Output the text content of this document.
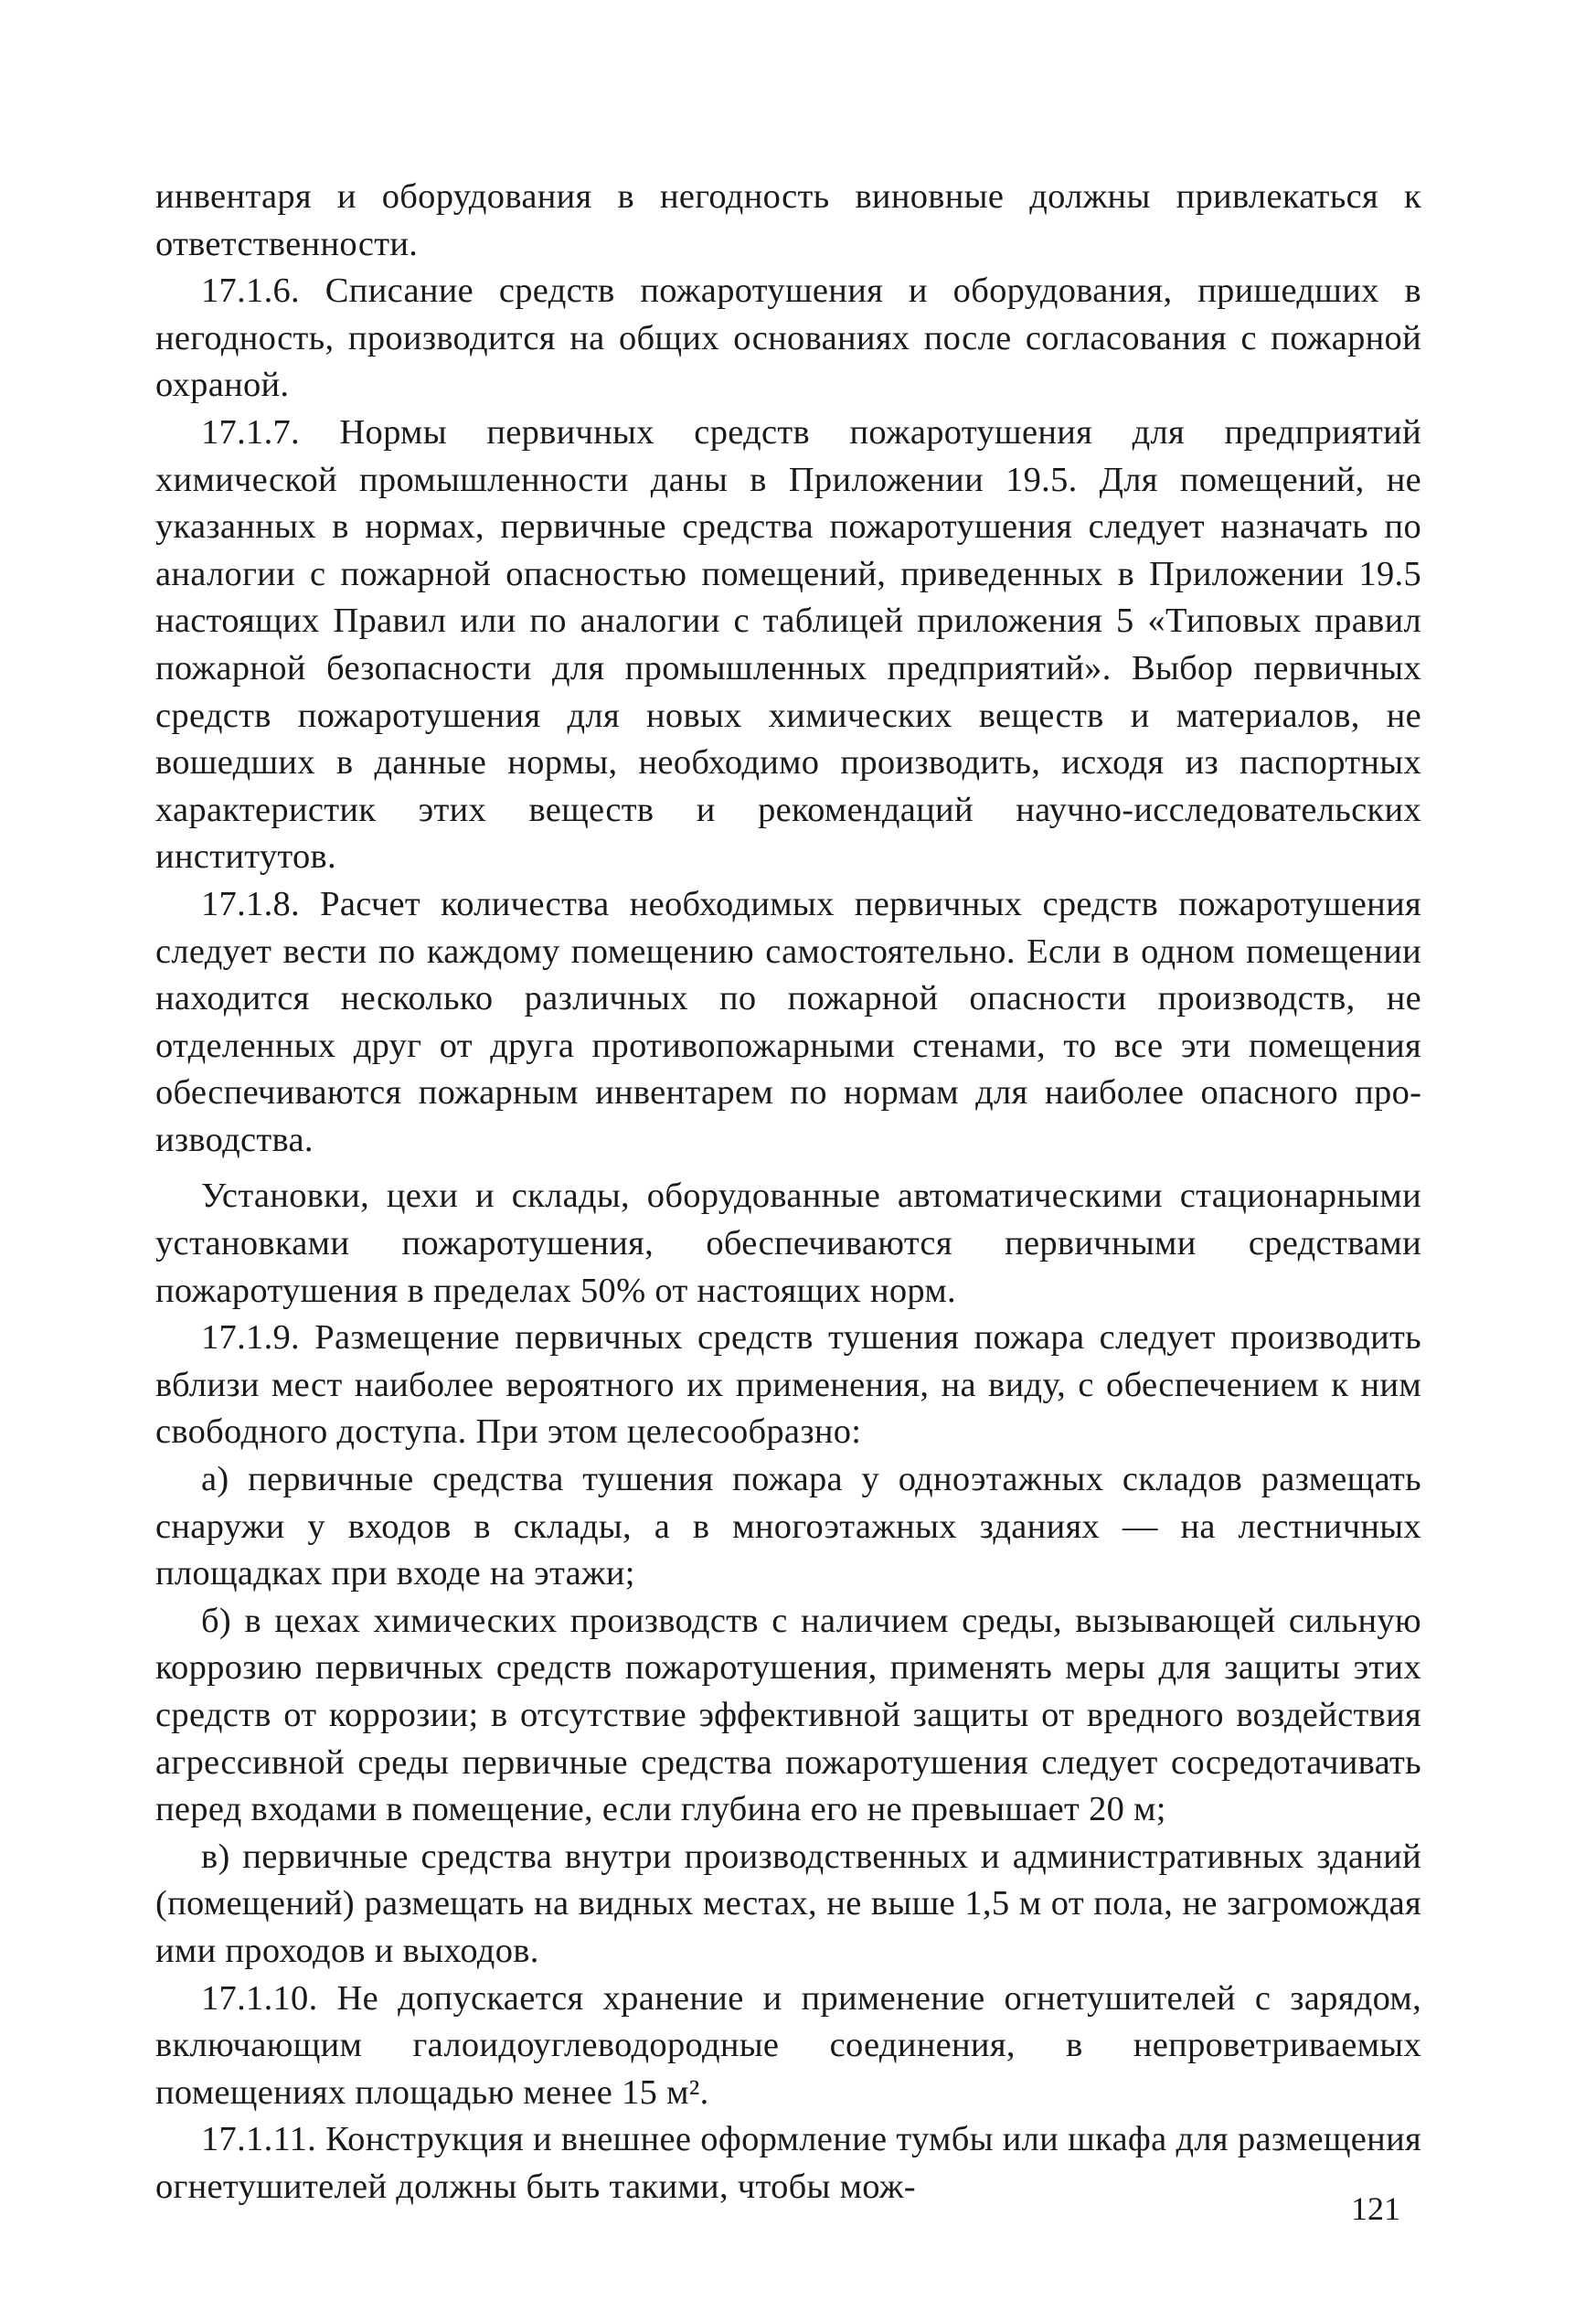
инвентаря и оборудования в негодность виновные должны привлекаться к ответственности.

17.1.6. Списание средств пожаротушения и оборудования, пришедших в негодность, производится на общих основаниях после согласования с пожарной охраной.

17.1.7. Нормы первичных средств пожаротушения для предприятий химической промышленности даны в Приложении 19.5. Для помещений, не указанных в нормах, первичные средства пожаротушения следует назначать по аналогии с пожарной опасностью помещений, приведенных в Приложении 19.5 настоящих Правил или по аналогии с таблицей приложения 5 «Типовых правил пожарной безопасности для промышленных предприятий». Выбор первичных средств пожаротушения для новых химических веществ и материалов, не вошедших в данные нормы, необходимо производить, исходя из паспортных характеристик этих веществ и рекомендаций научно-исследовательских институтов.

17.1.8. Расчет количества необходимых первичных средств пожаротушения следует вести по каждому помещению самостоятельно. Если в одном помещении находится несколько различных по пожарной опасности производств, не отделенных друг от друга противопожарными стенами, то все эти помещения обеспечиваются пожарным инвентарем по нормам для наиболее опасного производства.

Установки, цехи и склады, оборудованные автоматическими стационарными установками пожаротушения, обеспечиваются первичными средствами пожаротушения в пределах 50% от настоящих норм.

17.1.9. Размещение первичных средств тушения пожара следует производить вблизи мест наиболее вероятного их применения, на виду, с обеспечением к ним свободного доступа. При этом целесообразно:

а) первичные средства тушения пожара у одноэтажных складов размещать снаружи у входов в склады, а в многоэтажных зданиях — на лестничных площадках при входе на этажи;

б) в цехах химических производств с наличием среды, вызывающей сильную коррозию первичных средств пожаротушения, применять меры для защиты этих средств от коррозии; в отсутствие эффективной защиты от вредного воздействия агрессивной среды первичные средства пожаротушения следует сосредотачивать перед входами в помещение, если глубина его не превышает 20 м;

в) первичные средства внутри производственных и административных зданий (помещений) размещать на видных местах, не выше 1,5 м от пола, не загромождая ими проходов и выходов.

17.1.10. Не допускается хранение и применение огнетушителей с зарядом, включающим галоидоуглеводородные соединения, в непроветриваемых помещениях площадью менее 15 м².

17.1.11. Конструкция и внешнее оформление тумбы или шкафа для размещения огнетушителей должны быть такими, чтобы мож-

121
